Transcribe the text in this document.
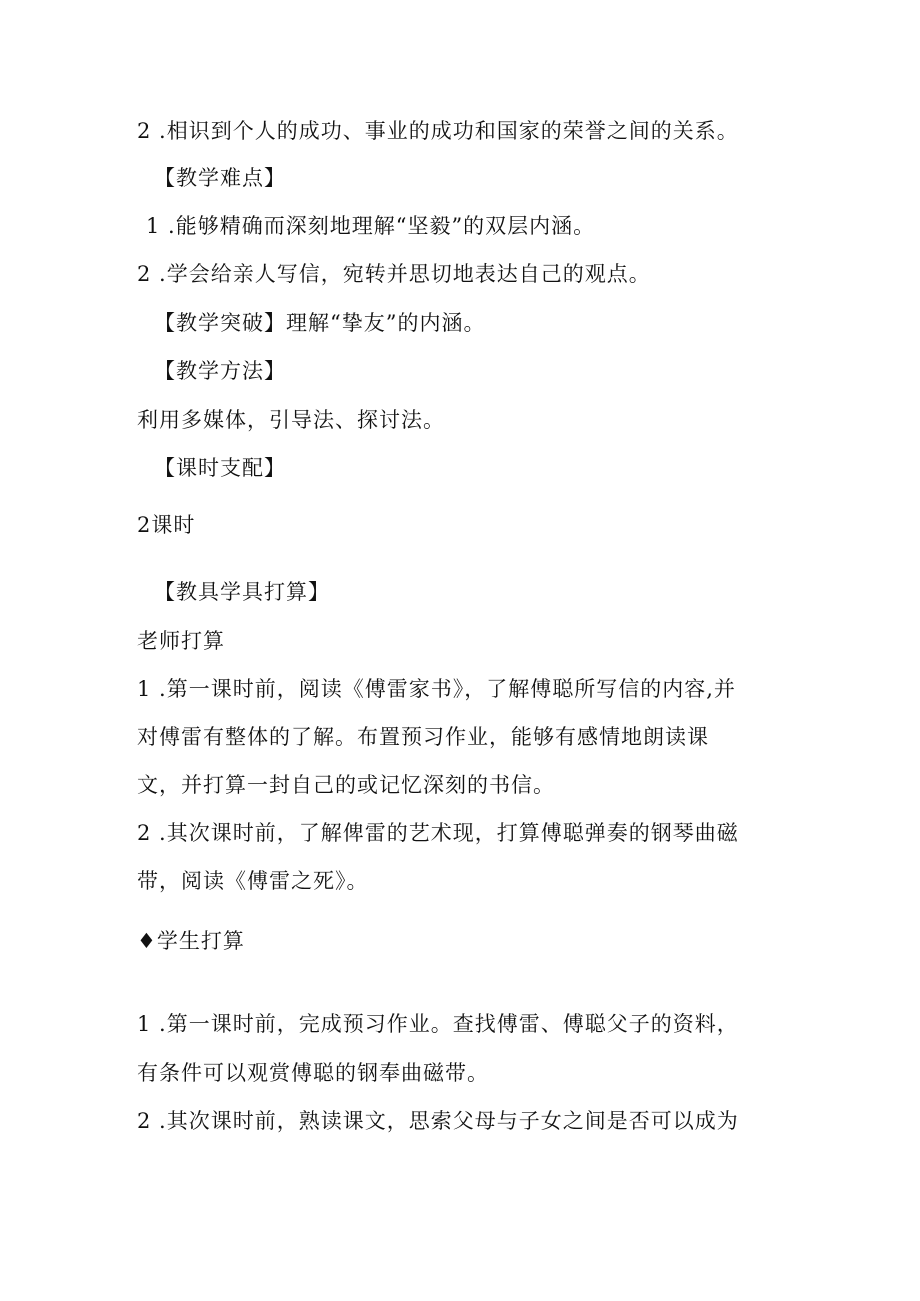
2 .相识到个人的成功、事业的成功和国家的荣誉之间的关系。
【教学难点】
1 .能够精确而深刻地理解“坚毅”的双层内涵。
2 .学会给亲人写信，宛转并思切地表达自己的观点。
【教学突破】理解“挚友”的内涵。
【教学方法】
利用多媒体，引导法、探讨法。
【课时支配】
2课时
【教具学具打算】
老师打算
1 .第一课时前，阅读《傅雷家书》，了解傅聪所写信的内容,并
对傅雷有整体的了解。布置预习作业，能够有感情地朗读课
文，并打算一封自己的或记忆深刻的书信。
2 .其次课时前，了解俾雷的艺术现，打算傅聪弹奏的钢琴曲磁
带，阅读《傅雷之死》。
♦学生打算
1 .第一课时前，完成预习作业。查找傅雷、傅聪父子的资料，
有条件可以观赏傅聪的钢奉曲磁带。
2 .其次课时前，熟读课文，思索父母与子女之间是否可以成为
